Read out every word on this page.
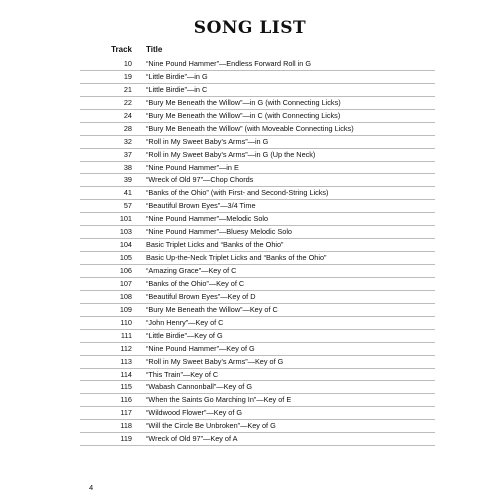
SONG LIST
Track Title
10 “Nine Pound Hammer”—Endless Forward Roll in G
19 “Little Birdie”—in G
21 “Little Birdie”—in C
22 “Bury Me Beneath the Willow”—in G (with Connecting Licks)
24 “Bury Me Beneath the Willow”—in C (with Connecting Licks)
28 “Bury Me Beneath the Willow” (with Moveable Connecting Licks)
32 “Roll in My Sweet Baby’s Arms”—in G
37 “Roll in My Sweet Baby’s Arms”—in G (Up the Neck)
38 “Nine Pound Hammer”—in E
39 “Wreck of Old 97”—Chop Chords
41 “Banks of the Ohio” (with First- and Second-String Licks)
57 “Beautiful Brown Eyes”—3/4 Time
101 “Nine Pound Hammer”—Melodic Solo
103 “Nine Pound Hammer”—Bluesy Melodic Solo
104 Basic Triplet Licks and “Banks of the Ohio”
105 Basic Up-the-Neck Triplet Licks and “Banks of the Ohio”
106 “Amazing Grace”—Key of C
107 “Banks of the Ohio”—Key of C
108 “Beautiful Brown Eyes”—Key of D
109 “Bury Me Beneath the Willow”—Key of C
110 “John Henry”—Key of C
111 “Little Birdie”—Key of G
112 “Nine Pound Hammer”—Key of G
113 “Roll in My Sweet Baby’s Arms”—Key of G
114 “This Train”—Key of C
115 “Wabash Cannonball”—Key of G
116 “When the Saints Go Marching In”—Key of E
117 “Wildwood Flower”—Key of G
118 “Will the Circle Be Unbroken”—Key of G
119 “Wreck of Old 97”—Key of A
4
